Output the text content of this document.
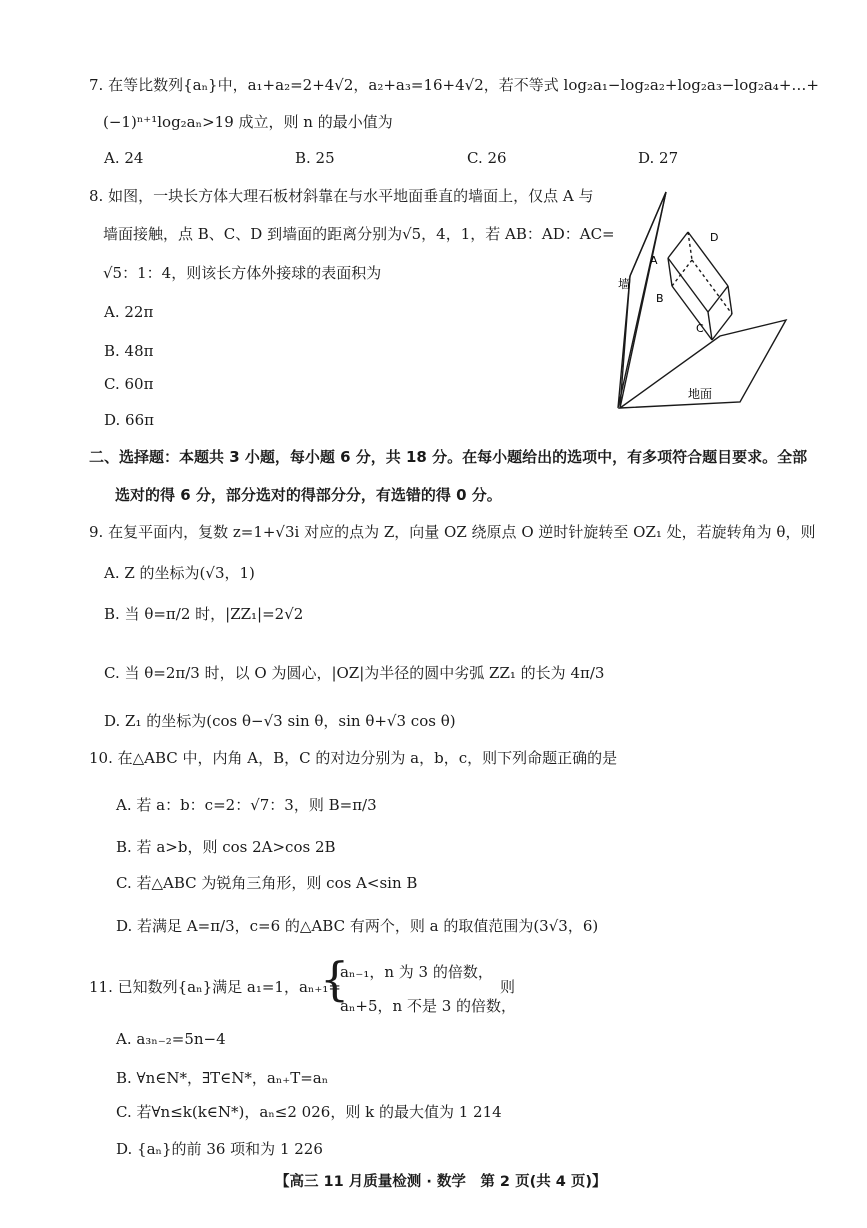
7. 在等比数列{aₙ}中，a₁+a₂=2+4√2，a₂+a₃=16+4√2，若不等式 log₂a₁−log₂a₂+log₂a₃−log₂a₄+…+
(−1)ⁿ⁺¹log₂aₙ>19 成立，则 n 的最小值为
A. 24	B. 25	C. 26	D. 27
8. 如图，一块长方体大理石板材斜靠在与水平地面垂直的墙面上，仅点 A 与
墙面接触，点 B、C、D 到墙面的距离分别为√5，4，1，若 AB：AD：AC=
√5：1：4，则该长方体外接球的表面积为
A. 22π
B. 48π
C. 60π
D. 66π
D
A
B
C
墙
地面
二、选择题：本题共 3 小题，每小题 6 分，共 18 分。在每小题给出的选项中，有多项符合题目要求。全部
选对的得 6 分，部分选对的得部分分，有选错的得 0 分。
9. 在复平面内，复数 z=1+√3i 对应的点为 Z，向量 OZ 绕原点 O 逆时针旋转至 OZ₁ 处，若旋转角为 θ，则
A. Z 的坐标为(√3，1)
B. 当 θ=π/2 时，|ZZ₁|=2√2
C. 当 θ=2π/3 时，以 O 为圆心，|OZ|为半径的圆中劣弧 ZZ₁ 的长为 4π/3
D. Z₁ 的坐标为(cos θ−√3 sin θ，sin θ+√3 cos θ)
10. 在△ABC 中，内角 A，B，C 的对边分别为 a，b，c，则下列命题正确的是
A. 若 a：b：c=2：√7：3，则 B=π/3
B. 若 a>b，则 cos 2A>cos 2B
C. 若△ABC 为锐角三角形，则 cos A<sin B
D. 若满足 A=π/3，c=6 的△ABC 有两个，则 a 的取值范围为(3√3，6)
11. 已知数列{aₙ}满足 a₁=1，aₙ₊₁=
{
aₙ₋₁，n 为 3 的倍数，
aₙ+5，n 不是 3 的倍数，
则
A. a₃ₙ₋₂=5n−4
B. ∀n∈N*，∃T∈N*，aₙ₊T=aₙ
C. 若∀n≤k(k∈N*)，aₙ≤2 026，则 k 的最大值为 1 214
D. {aₙ}的前 36 项和为 1 226
【高三 11 月质量检测 · 数学　第 2 页(共 4 页)】
